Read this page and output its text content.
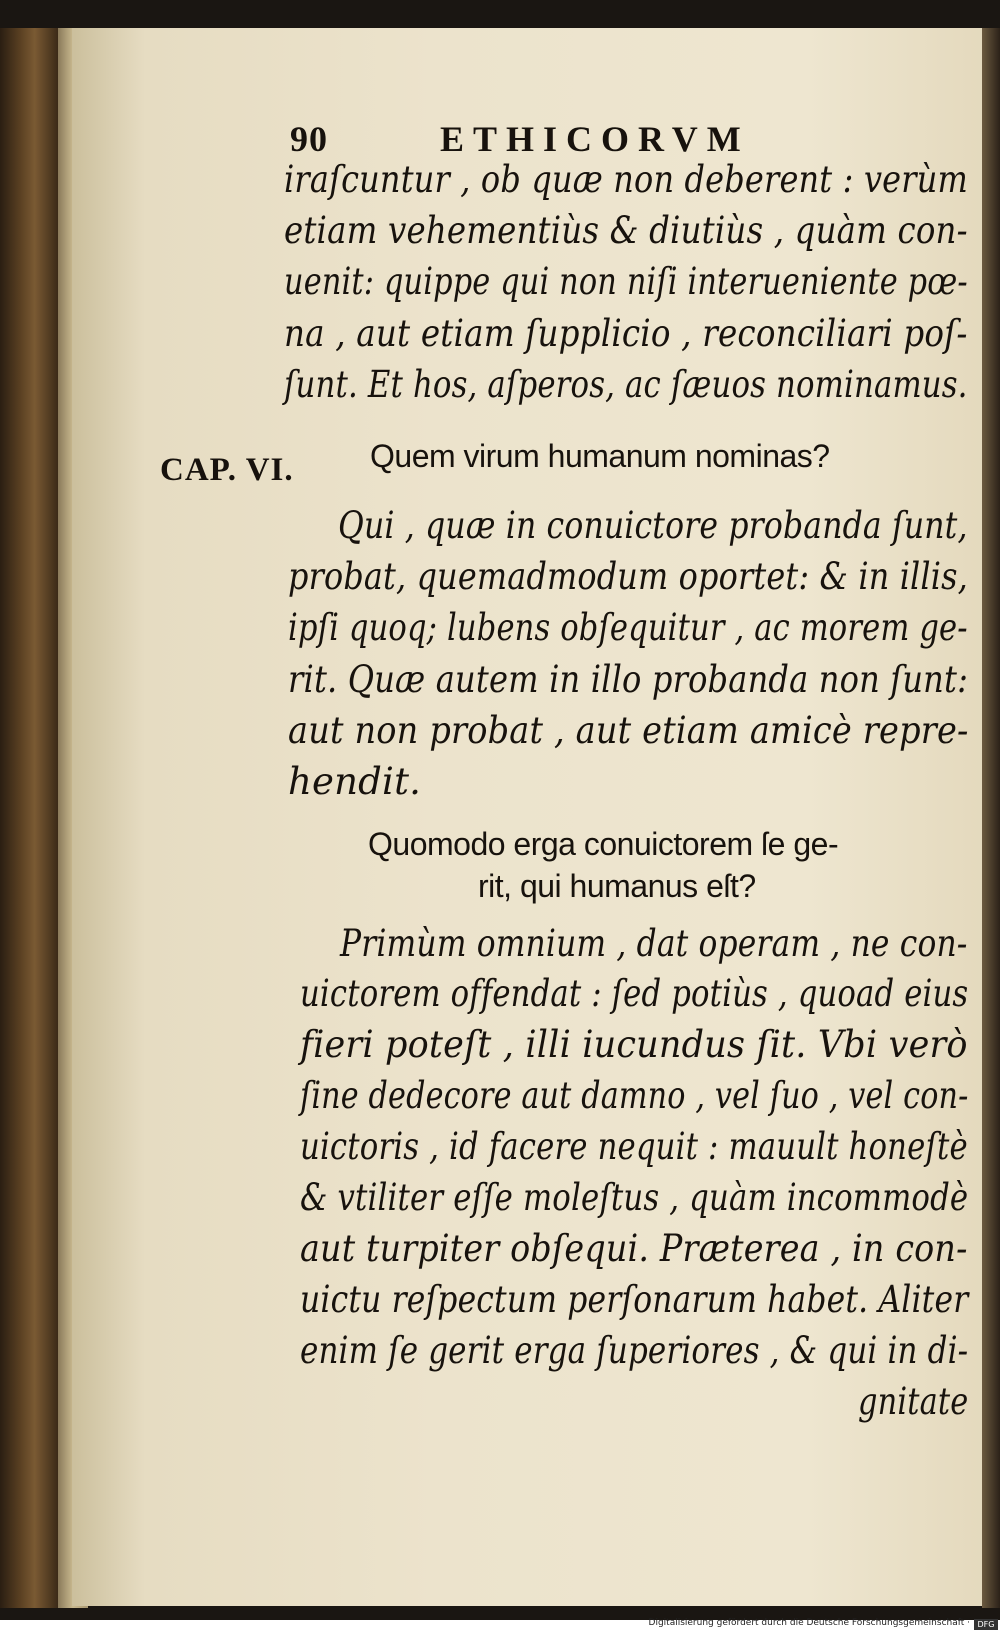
90	ETHICORVM
iraſcuntur , ob quæ non deberent : verùm
etiam vehementiùs & diutiùs , quàm con-
uenit: quippe qui non niſi interueniente pœ-
na , aut etiam ſupplicio , reconciliari poſ-
ſunt. Et hos, aſperos, ac ſæuos nominamus.
CAP. VI. Quem virum humanum nominas?
Qui , quæ in conuictore probanda ſunt,
probat, quemadmodum oportet: & in illis,
ipſi quoq; lubens obſequitur , ac morem ge-
rit. Quæ autem in illo probanda non ſunt:
aut non probat , aut etiam amicè repre-
hendit.
Quomodo erga conuictorem ſe ge-
rit, qui humanus eſt?
Primùm omnium , dat operam , ne con-
uictorem offendat : ſed potiùs , quoad eius
fieri poteſt , illi iucundus ſit. Vbi verò
ſine dedecore aut damno , vel ſuo , vel con-
uictoris , id facere nequit : mauult honeſtè
& vtiliter eſſe moleſtus , quàm incommodè
aut turpiter obſequi. Præterea , in con-
uictu reſpectum perſonarum habet. Aliter
enim ſe gerit erga ſuperiores , & qui in di-
gnitate
Digitalisierung gefördert durch die Deutsche Forschungsgemeinschaft · DFG
